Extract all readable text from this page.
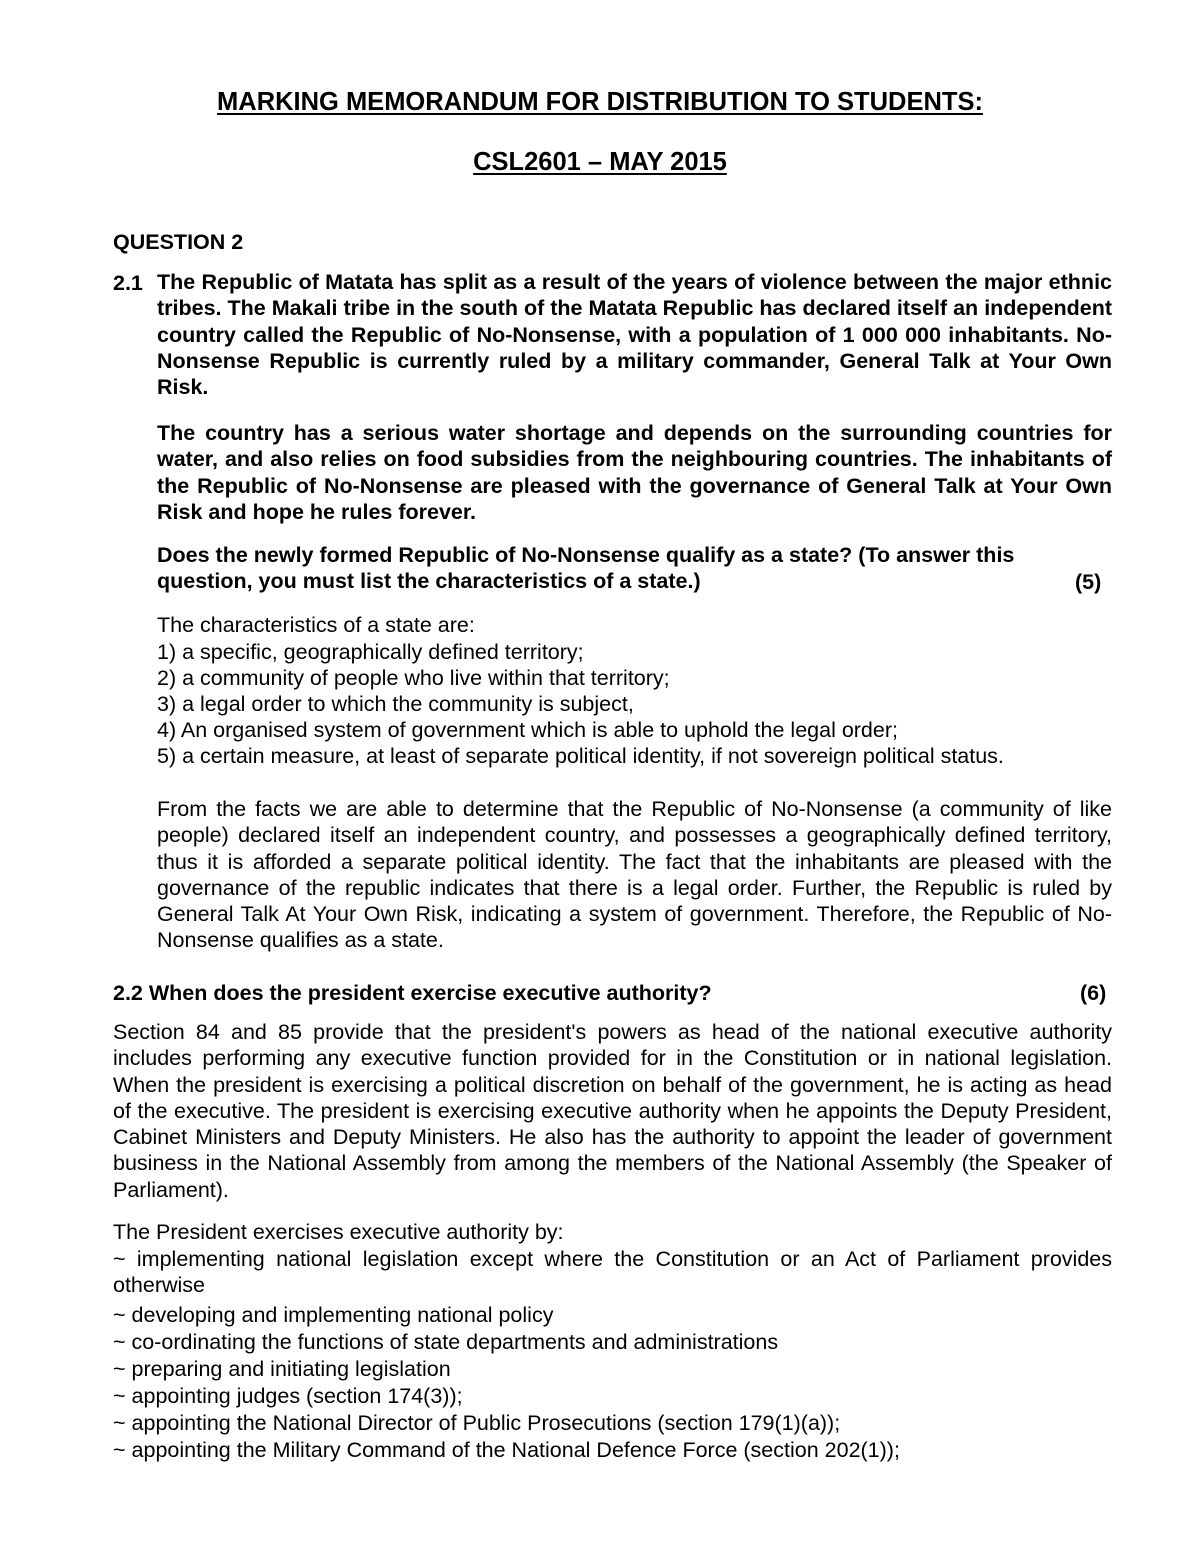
MARKING MEMORANDUM FOR DISTRIBUTION TO STUDENTS:
CSL2601 – MAY 2015
QUESTION 2
2.1 The Republic of Matata has split as a result of the years of violence between the major ethnic tribes. The Makali tribe in the south of the Matata Republic has declared itself an independent country called the Republic of No-Nonsense, with a population of 1 000 000 inhabitants. No-Nonsense Republic is currently ruled by a military commander, General Talk at Your Own Risk.
The country has a serious water shortage and depends on the surrounding countries for water, and also relies on food subsidies from the neighbouring countries. The inhabitants of the Republic of No-Nonsense are pleased with the governance of General Talk at Your Own Risk and hope he rules forever.
Does the newly formed Republic of No-Nonsense qualify as a state? (To answer this
question, you must list the characteristics of a state.)	(5)
The characteristics of a state are:
1) a specific, geographically defined territory;
2) a community of people who live within that territory;
3) a legal order to which the community is subject,
4) An organised system of government which is able to uphold the legal order;
5) a certain measure, at least of separate political identity, if not sovereign political status.
From the facts we are able to determine that the Republic of No-Nonsense (a community of like people) declared itself an independent country, and possesses a geographically defined territory, thus it is afforded a separate political identity. The fact that the inhabitants are pleased with the governance of the republic indicates that there is a legal order. Further, the Republic is ruled by General Talk At Your Own Risk, indicating a system of government. Therefore, the Republic of No-Nonsense qualifies as a state.
2.2 When does the president exercise executive authority?	(6)
Section 84 and 85 provide that the president's powers as head of the national executive authority includes performing any executive function provided for in the Constitution or in national legislation. When the president is exercising a political discretion on behalf of the government, he is acting as head of the executive. The president is exercising executive authority when he appoints the Deputy President, Cabinet Ministers and Deputy Ministers. He also has the authority to appoint the leader of government business in the National Assembly from among the members of the National Assembly (the Speaker of Parliament).
The President exercises executive authority by:
~ implementing national legislation except where the Constitution or an Act of Parliament provides otherwise
~ developing and implementing national policy
~ co-ordinating the functions of state departments and administrations
~ preparing and initiating legislation
~ appointing judges (section 174(3));
~ appointing the National Director of Public Prosecutions (section 179(1)(a));
~ appointing the Military Command of the National Defence Force (section 202(1));
